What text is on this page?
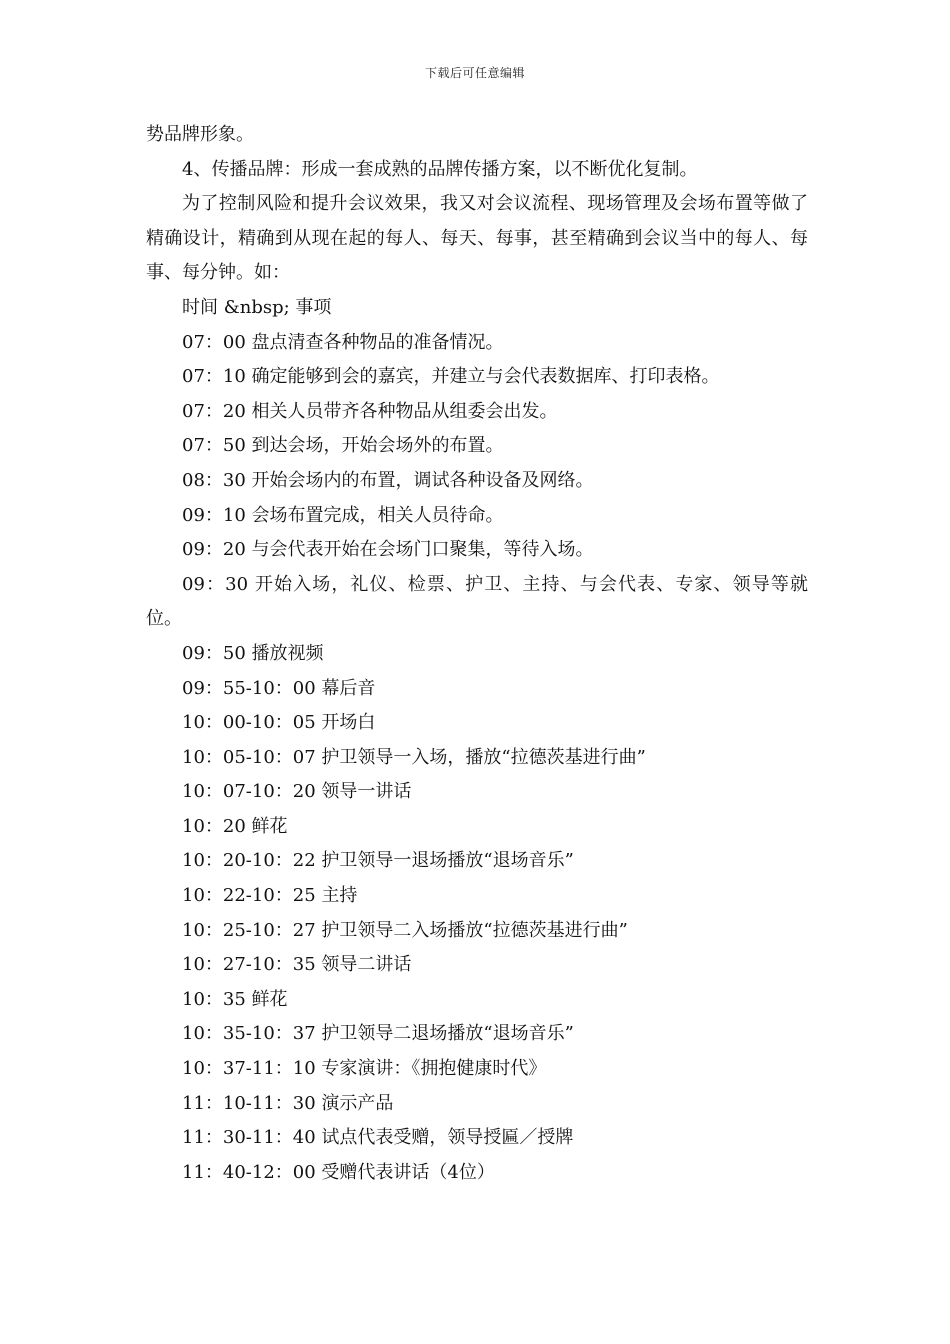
下载后可任意编辑

势品牌形象。

4、传播品牌：形成一套成熟的品牌传播方案，以不断优化复制。

为了控制风险和提升会议效果，我又对会议流程、现场管理及会场布置等做了精确设计，精确到从现在起的每人、每天、每事，甚至精确到会议当中的每人、每事、每分钟。如：

时间 &nbsp; 事项

07：00 盘点清查各种物品的准备情况。

07：10 确定能够到会的嘉宾，并建立与会代表数据库、打印表格。

07：20 相关人员带齐各种物品从组委会出发。

07：50 到达会场，开始会场外的布置。

08：30 开始会场内的布置，调试各种设备及网络。

09：10 会场布置完成，相关人员待命。

09：20 与会代表开始在会场门口聚集，等待入场。

09：30 开始入场，礼仪、检票、护卫、主持、与会代表、专家、领导等就位。

09：50 播放视频

09：55-10：00 幕后音

10：00-10：05 开场白

10：05-10：07 护卫领导一入场，播放“拉德茨基进行曲”

10：07-10：20 领导一讲话

10：20 鲜花

10：20-10：22 护卫领导一退场播放“退场音乐”

10：22-10：25 主持

10：25-10：27 护卫领导二入场播放“拉德茨基进行曲”

10：27-10：35 领导二讲话

10：35 鲜花

10：35-10：37 护卫领导二退场播放“退场音乐”

10：37-11：10 专家演讲：《拥抱健康时代》

11：10-11：30 演示产品

11：30-11：40 试点代表受赠，领导授匾／授牌

11：40-12：00 受赠代表讲话（4位）
